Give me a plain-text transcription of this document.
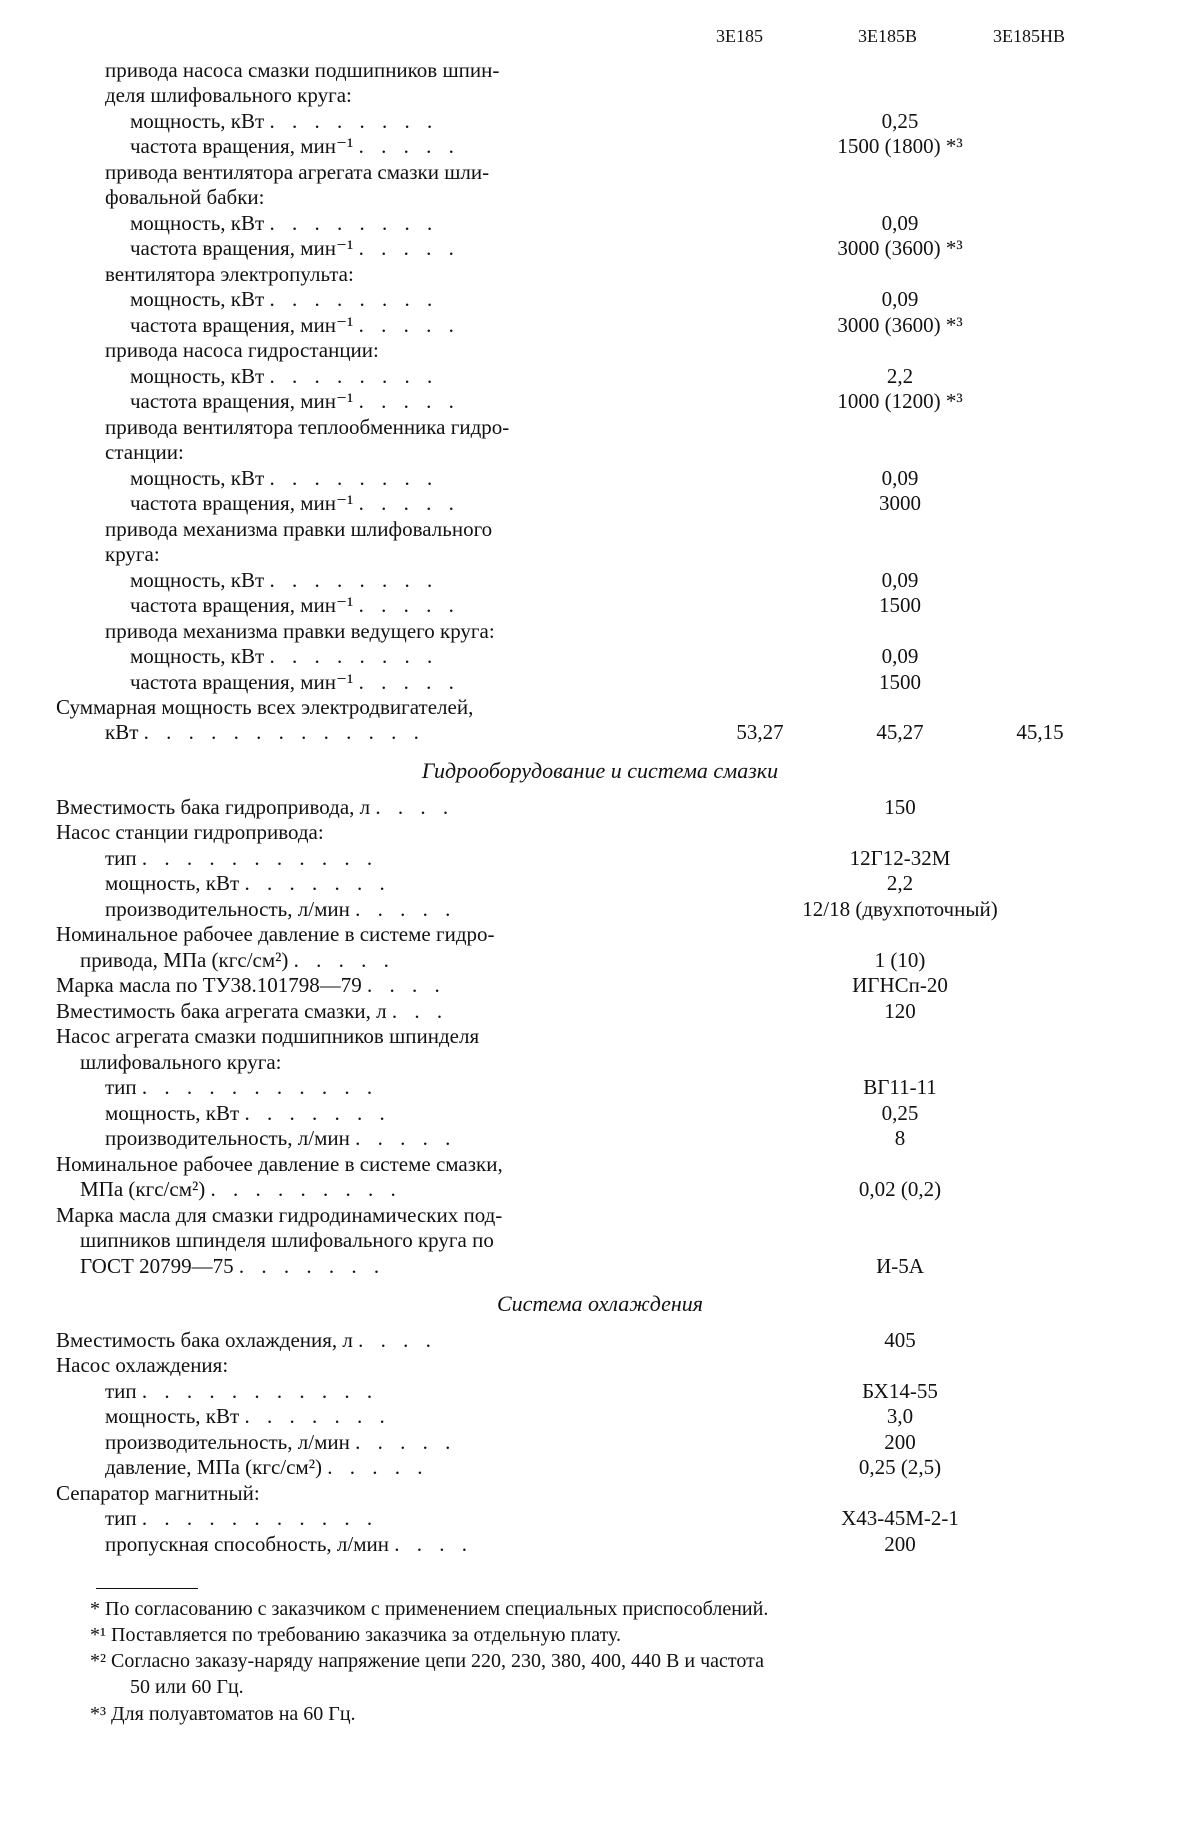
3Е185	3Е185В	3Е185НВ
привода насоса смазки подшипников шпин-
деля шлифовального круга:
мощность, кВт . . . . . . . .	0,25
частота вращения, мин⁻¹ . . . . .	1500 (1800) *³
привода вентилятора агрегата смазки шли-
фовальной бабки:
мощность, кВт . . . . . . . .	0,09
частота вращения, мин⁻¹ . . . . .	3000 (3600) *³
вентилятора электропульта:
мощность, кВт . . . . . . . .	0,09
частота вращения, мин⁻¹ . . . . .	3000 (3600) *³
привода насоса гидростанции:
мощность, кВт . . . . . . . .	2,2
частота вращения, мин⁻¹ . . . . .	1000 (1200) *³
привода вентилятора теплообменника гидро-
станции:
мощность, кВт . . . . . . . .	0,09
частота вращения, мин⁻¹ . . . . .	3000
привода механизма правки шлифовального
круга:
мощность, кВт . . . . . . . .	0,09
частота вращения, мин⁻¹ . . . . .	1500
привода механизма правки ведущего круга:
мощность, кВт . . . . . . . .	0,09
частота вращения, мин⁻¹ . . . . .	1500
Суммарная мощность всех электродвигателей,
кВт . . . . . . . . . . . . .	53,27	45,27	45,15
Вместимость бака гидропривода, л . . . .	150
Насос станции гидропривода:
тип . . . . . . . . . . .	12Г12-32М
мощность, кВт . . . . . . .	2,2
производительность, л/мин . . . . .	12/18 (двухпоточный)
Номинальное рабочее давление в системе гидро-
привода, МПа (кгс/см²) . . . . .	1 (10)
Марка масла по ТУ38.101798—79 . . . .	ИГНСп-20
Вместимость бака агрегата смазки, л . . .	120
Насос агрегата смазки подшипников шпинделя
шлифовального круга:
тип . . . . . . . . . . .	ВГ11-11
мощность, кВт . . . . . . .	0,25
производительность, л/мин . . . . .	8
Номинальное рабочее давление в системе смазки,
МПа (кгс/см²) . . . . . . . . .	0,02 (0,2)
Марка масла для смазки гидродинамических под-
шипников шпинделя шлифовального круга по
ГОСТ 20799—75 . . . . . . .	И-5А
Вместимость бака охлаждения, л . . . .	405
Насос охлаждения:
тип . . . . . . . . . . .	БХ14-55
мощность, кВт . . . . . . .	3,0
производительность, л/мин . . . . .	200
давление, МПа (кгс/см²) . . . . .	0,25 (2,5)
Сепаратор магнитный:
тип . . . . . . . . . . .	Х43-45М-2-1
пропускная способность, л/мин . . . .	200
Гидрооборудование и система смазки
Система охлаждения
* По согласованию с заказчиком с применением специальных приспособлений.
*¹ Поставляется по требованию заказчика за отдельную плату.
*² Согласно заказу-наряду напряжение цепи 220, 230, 380, 400, 440 В и частота
50 или 60 Гц.
*³ Для полуавтоматов на 60 Гц.
